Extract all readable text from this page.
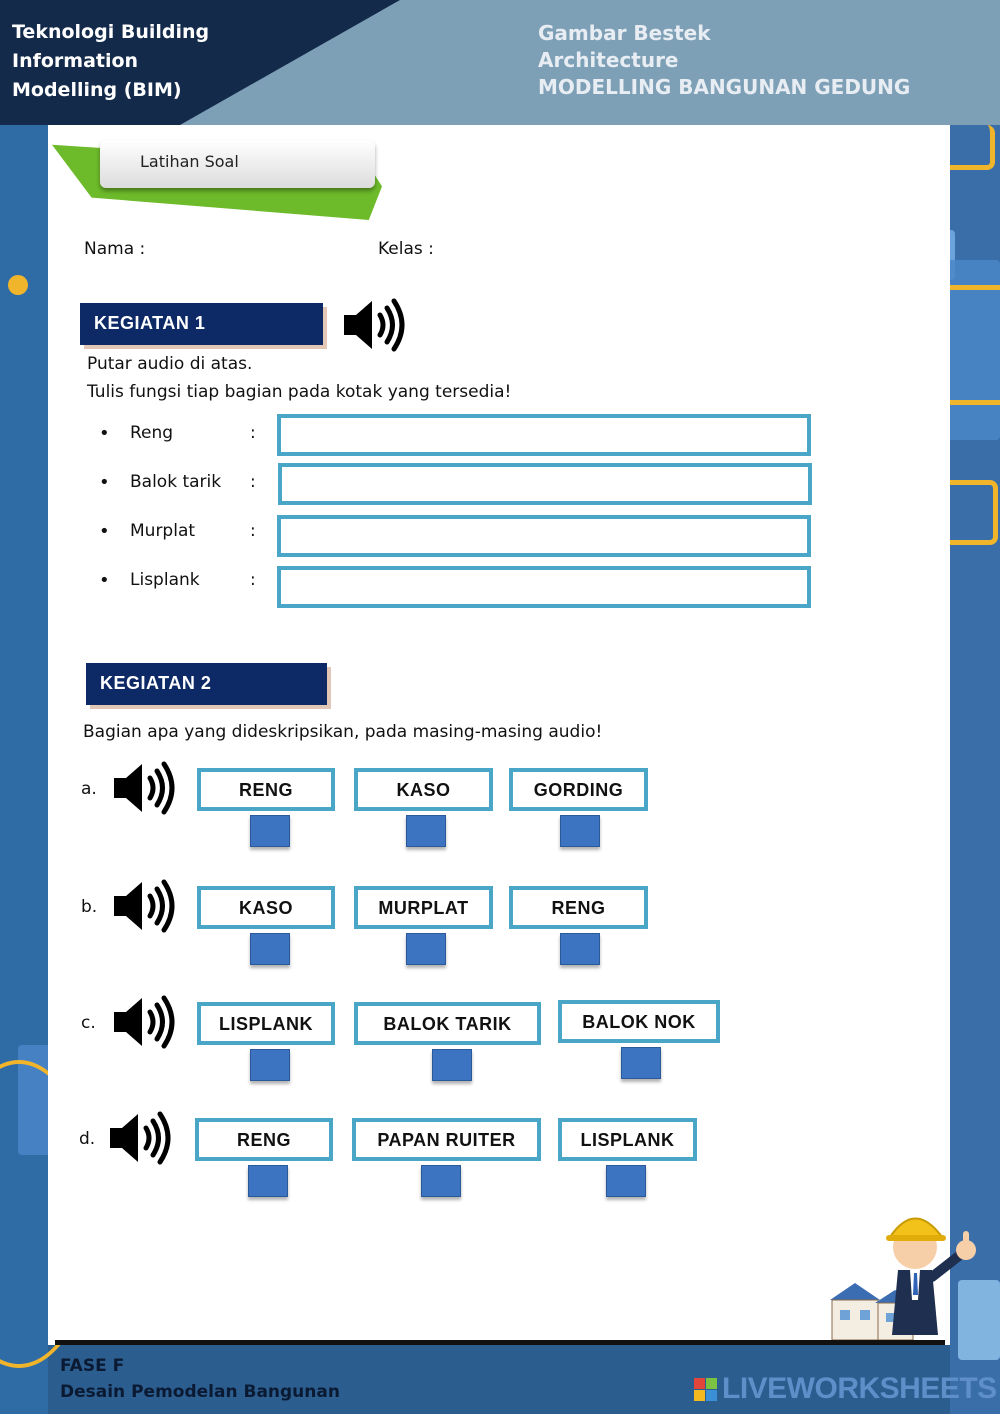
Teknologi Building
Information
Modelling (BIM)
Gambar Bestek
Architecture
MODELLING BANGUNAN GEDUNG
Latihan Soal
Nama :	Kelas :
KEGIATAN 1
Putar audio di atas.
Tulis fungsi tiap bagian pada kotak yang tersedia!
• Reng	:
• Balok tarik :
• Murplat	:
• Lisplank	:
KEGIATAN 2
Bagian apa yang dideskripsikan, pada masing-masing audio!
a.	RENG	KASO	GORDING
b.	KASO	MURPLAT	RENG
c.	LISPLANK	BALOK TARIK	BALOK NOK
d.	RENG	PAPAN RUITER	LISPLANK
FASE F
Desain Pemodelan Bangunan	LIVEWORKSHEETS
